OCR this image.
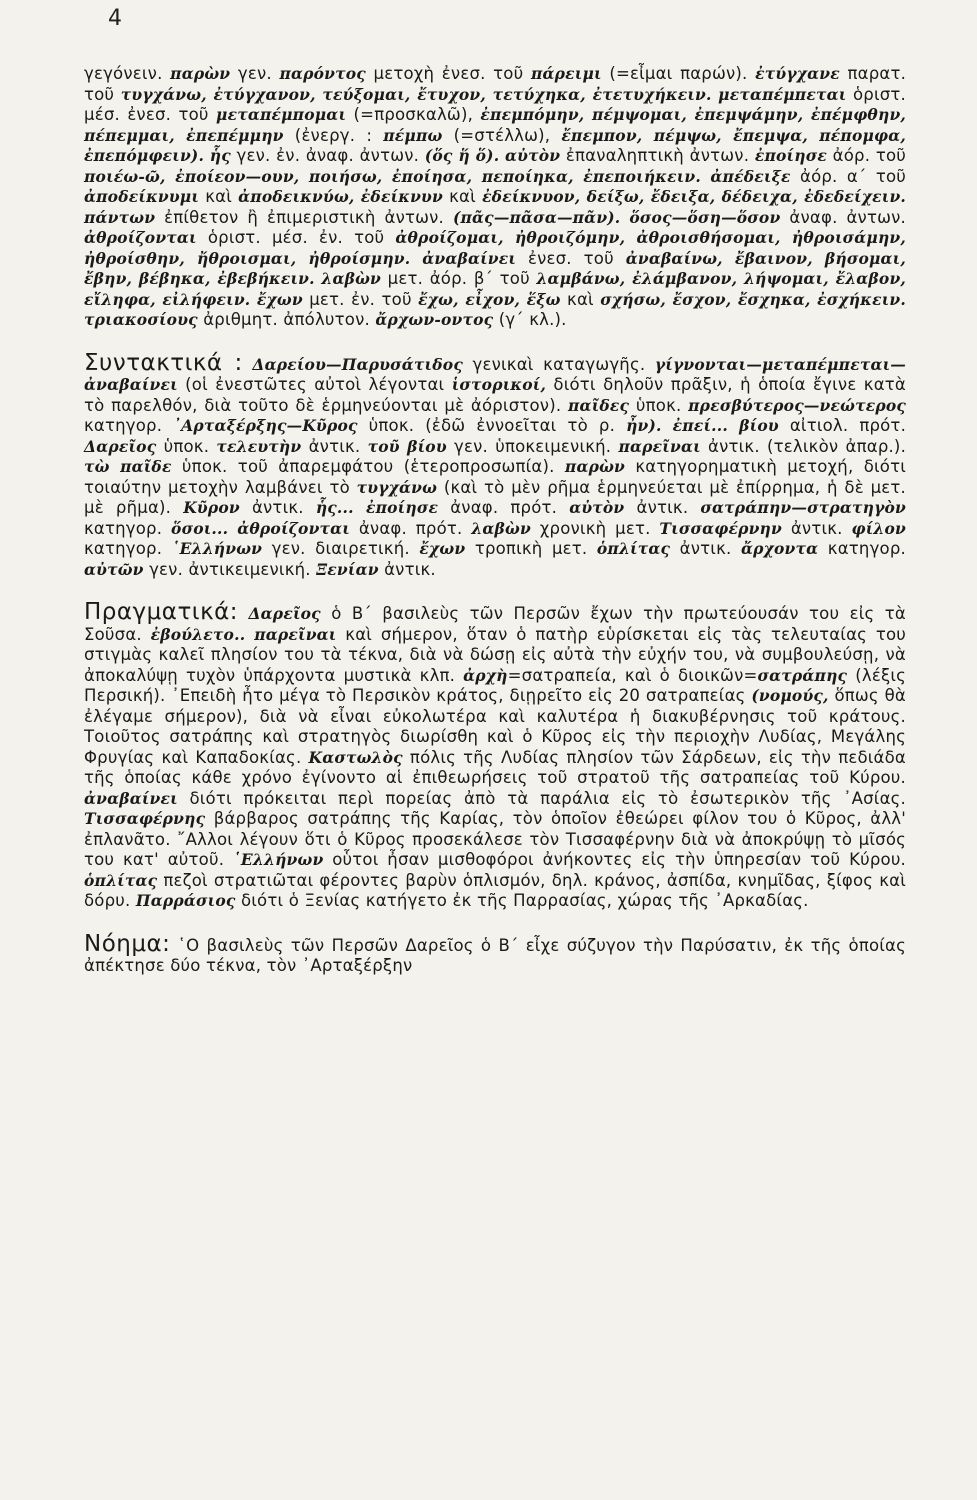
4

γεγόνειν. παρὼν γεν. παρόντος μετοχὴ ἐνεσ. τοῦ πάρειμι (=εἶμαι παρών). ἐτύγχανε παρατ. τοῦ τυγχάνω, ἐτύγχανον, τεύξομαι, ἔτυχον, τετύχηκα, ἐτετυχήκειν. μεταπέμπεται ὁριστ. μέσ. ἐνεσ. τοῦ μεταπέμπομαι (=προσκαλῶ), ἐπεμπόμην, πέμψομαι, ἐπεμψάμην, ἐπέμφθην, πέπεμμαι, ἐπεπέμμην (ἐνεργ. : πέμπω (=στέλλω), ἔπεμπον, πέμψω, ἔπεμψα, πέπομφα, ἐπεπόμφειν). ἧς γεν. ἐν. ἀναφ. ἀντων. (ὅς ἥ ὅ). αὐτὸν ἐπαναληπτικὴ ἀντων. ἐποίησε ἀόρ. τοῦ ποιέω-ῶ, ἐποίεον—ουν, ποιήσω, ἐποίησα, πεποίηκα, ἐπεποιήκειν. ἀπέδειξε ἀόρ. α΄ τοῦ ἀποδείκνυμι καὶ ἀποδεικνύω, ἐδείκνυν καὶ ἐδείκνυον, δείξω, ἔδειξα, δέδειχα, ἐδεδείχειν. πάντων ἐπίθετον ἢ ἐπιμεριστικὴ ἀντων. (πᾶς—πᾶσα—πᾶν). ὅσος—ὅση—ὅσον ἀναφ. ἀντων. ἀθροίζονται ὁριστ. μέσ. ἐν. τοῦ ἀθροίζομαι, ἠθροιζόμην, ἀθροισθήσομαι, ἠθροισάμην, ἠθροίσθην, ἤθροισμαι, ἠθροίσμην. ἀναβαίνει ἐνεσ. τοῦ ἀναβαίνω, ἔβαινον, βήσομαι, ἔβην, βέβηκα, ἐβεβήκειν. λαβὼν μετ. ἀόρ. β΄ τοῦ λαμβάνω, ἐλάμβανον, λήψομαι, ἔλαβον, εἴληφα, εἰλήφειν. ἔχων μετ. ἐν. τοῦ ἔχω, εἶχον, ἕξω καὶ σχήσω, ἔσχον, ἔσχηκα, ἐσχήκειν. τριακοσίους ἀριθμητ. ἀπόλυτον. ἄρχων-οντος (γ΄ κλ.).

Συντακτικά : Δαρείου—Παρυσάτιδος γενικαὶ καταγωγῆς. γίγνονται—μεταπέμπεται—ἀναβαίνει (οἱ ἐνεστῶτες αὐτοὶ λέγονται ἱστορικοί, διότι δηλοῦν πρᾶξιν, ἡ ὁποία ἔγινε κατὰ τὸ παρελθόν, διὰ τοῦτο δὲ ἑρμηνεύονται μὲ ἀόριστον). παῖδες ὑποκ. πρεσβύτερος—νεώτερος κατηγορ. ᾿Αρταξέρξης—Κῦρος ὑποκ. (ἐδῶ ἐννοεῖται τὸ ρ. ἦν). ἐπεί... βίου αἰτιολ. πρότ. Δαρεῖος ὑποκ. τελευτὴν ἀντικ. τοῦ βίου γεν. ὑποκειμενική. παρεῖναι ἀντικ. (τελικὸν ἀπαρ.). τὼ παῖδε ὑποκ. τοῦ ἀπαρεμφάτου (ἑτεροπροσωπία). παρὼν κατηγορηματικὴ μετοχή, διότι τοιαύτην μετοχὴν λαμβάνει τὸ τυγχάνω (καὶ τὸ μὲν ρῆμα ἑρμηνεύεται μὲ ἐπίρρημα, ἡ δὲ μετ. μὲ ρῆμα). Κῦρον ἀντικ. ἧς... ἐποίησε ἀναφ. πρότ. αὐτὸν ἀντικ. σατράπην—στρατηγὸν κατηγορ. ὅσοι... ἀθροίζονται ἀναφ. πρότ. λαβὼν χρονικὴ μετ. Τισσαφέρνην ἀντικ. φίλον κατηγορ. ῾Ελλήνων γεν. διαιρετική. ἔχων τροπικὴ μετ. ὁπλίτας ἀντικ. ἄρχοντα κατηγορ. αὐτῶν γεν. ἀντικειμενική. Ξενίαν ἀντικ.

Πραγματικά: Δαρεῖος ὁ Β΄ βασιλεὺς τῶν Περσῶν ἔχων τὴν πρωτεύουσάν του εἰς τὰ Σοῦσα. ἐβούλετο.. παρεῖναι καὶ σήμερον, ὅταν ὁ πατὴρ εὑρίσκεται εἰς τὰς τελευταίας του στιγμὰς καλεῖ πλησίον του τὰ τέκνα, διὰ νὰ δώσῃ εἰς αὐτὰ τὴν εὐχήν του, νὰ συμβουλεύσῃ, νὰ ἀποκαλύψῃ τυχὸν ὑπάρχοντα μυστικὰ κλπ. ἀρχὴ=σατραπεία, καὶ ὁ διοικῶν=σατράπης (λέξις Περσική). ᾿Επειδὴ ἦτο μέγα τὸ Περσικὸν κράτος, διῃρεῖτο εἰς 20 σατραπείας (νομούς, ὅπως θὰ ἐλέγαμε σήμερον), διὰ νὰ εἶναι εὐκολωτέρα καὶ καλυτέρα ἡ διακυβέρνησις τοῦ κράτους. Τοιοῦτος σατράπης καὶ στρατηγὸς διωρίσθη καὶ ὁ Κῦρος εἰς τὴν περιοχὴν Λυδίας, Μεγάλης Φρυγίας καὶ Καπαδοκίας. Καστωλὸς πόλις τῆς Λυδίας πλησίον τῶν Σάρδεων, εἰς τὴν πεδιάδα τῆς ὁποίας κάθε χρόνο ἐγίνοντο αἱ ἐπιθεωρήσεις τοῦ στρατοῦ τῆς σατραπείας τοῦ Κύρου. ἀναβαίνει διότι πρόκειται περὶ πορείας ἀπὸ τὰ παράλια εἰς τὸ ἐσωτερικὸν τῆς ᾿Ασίας. Τισσαφέρνης βάρβαρος σατράπης τῆς Καρίας, τὸν ὁποῖον ἐθεώρει φίλον του ὁ Κῦρος, ἀλλ' ἐπλανᾶτο. ῎Αλλοι λέγουν ὅτι ὁ Κῦρος προσεκάλεσε τὸν Τισσαφέρνην διὰ νὰ ἀποκρύψῃ τὸ μῖσός του κατ' αὐτοῦ. ῾Ελλήνων οὗτοι ἦσαν μισθοφόροι ἀνήκοντες εἰς τὴν ὑπηρεσίαν τοῦ Κύρου. ὁπλίτας πεζοὶ στρατιῶται φέροντες βαρὺν ὁπλισμόν, δηλ. κράνος, ἀσπίδα, κνημῖδας, ξίφος καὶ δόρυ. Παρράσιος διότι ὁ Ξενίας κατήγετο ἐκ τῆς Παρρασίας, χώρας τῆς ᾿Αρκαδίας.

Νόημα: ῾Ο βασιλεὺς τῶν Περσῶν Δαρεῖος ὁ Β΄ εἶχε σύζυγον τὴν Παρύσατιν, ἐκ τῆς ὁποίας ἀπέκτησε δύο τέκνα, τὸν ᾿Αρταξέρξην
